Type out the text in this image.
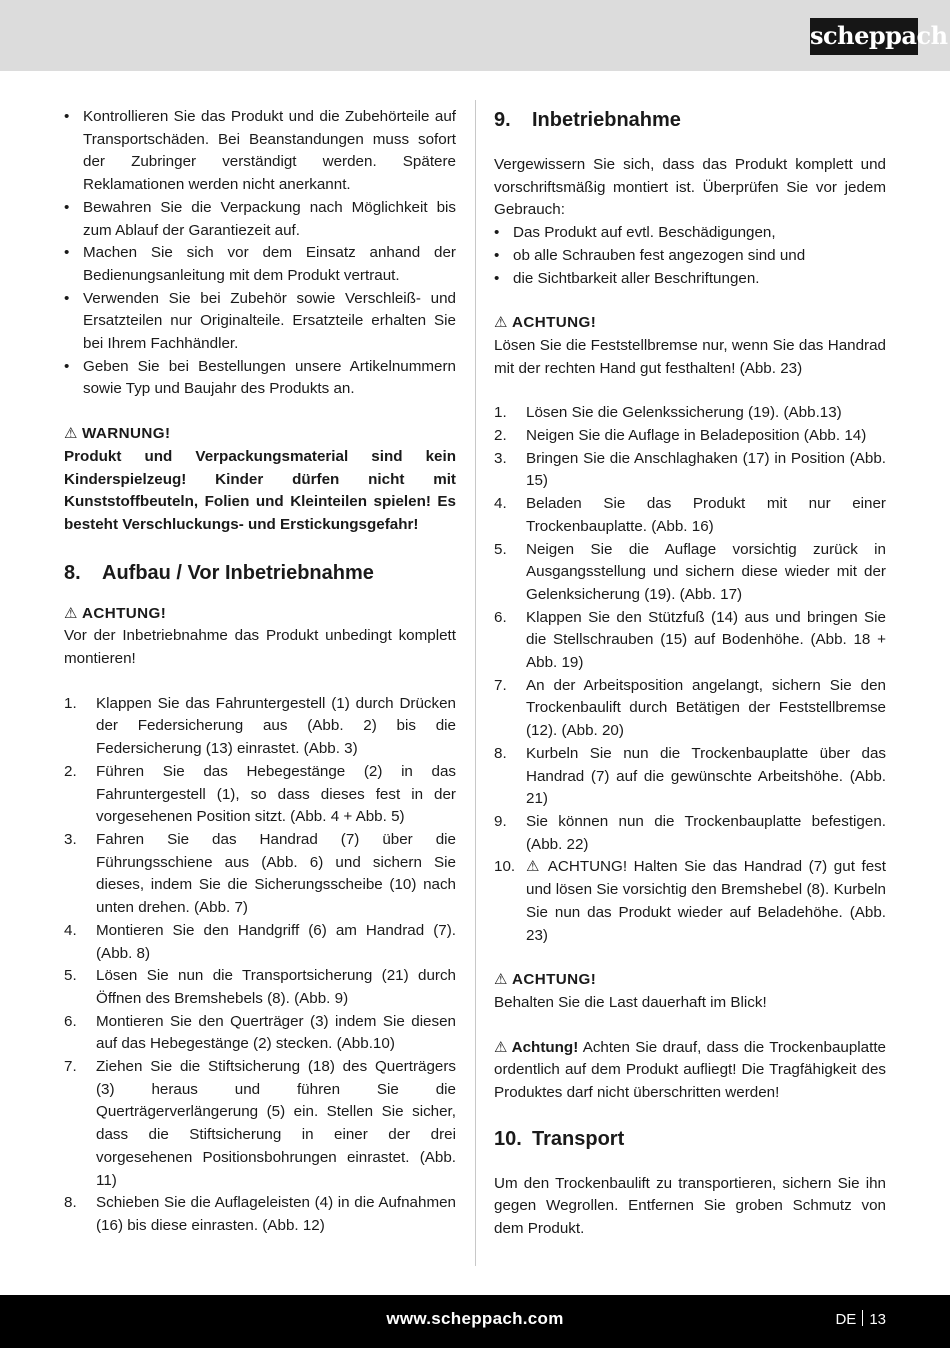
scheppach
• Kontrollieren Sie das Produkt und die Zubehörteile auf Transportschäden. Bei Beanstandungen muss sofort der Zubringer verständigt werden. Spätere Reklamationen werden nicht anerkannt.
• Bewahren Sie die Verpackung nach Möglichkeit bis zum Ablauf der Garantiezeit auf.
• Machen Sie sich vor dem Einsatz anhand der Bedienungsanleitung mit dem Produkt vertraut.
• Verwenden Sie bei Zubehör sowie Verschleiß- und Ersatzteilen nur Originalteile. Ersatzteile erhalten Sie bei Ihrem Fachhändler.
• Geben Sie bei Bestellungen unsere Artikelnummern sowie Typ und Baujahr des Produkts an.
⚠ WARNUNG!

Produkt und Verpackungsmaterial sind kein Kinderspielzeug! Kinder dürfen nicht mit Kunststoffbeuteln, Folien und Kleinteilen spielen! Es besteht Verschluckungs- und Erstickungsgefahr!

8. Aufbau / Vor Inbetriebnahme
⚠ ACHTUNG!

Vor der Inbetriebnahme das Produkt unbedingt komplett montieren!

1. Klappen Sie das Fahruntergestell (1) durch Drücken der Federsicherung aus (Abb. 2) bis die Federsicherung (13) einrastet. (Abb. 3)
2. Führen Sie das Hebegestänge (2) in das Fahruntergestell (1), so dass dieses fest in der vorgesehenen Position sitzt. (Abb. 4 + Abb. 5)
3. Fahren Sie das Handrad (7) über die Führungsschiene aus (Abb. 6) und sichern Sie dieses, indem Sie die Sicherungsscheibe (10) nach unten drehen. (Abb. 7)
4. Montieren Sie den Handgriff (6) am Handrad (7). (Abb. 8)
5. Lösen Sie nun die Transportsicherung (21) durch Öffnen des Bremshebels (8). (Abb. 9)
6. Montieren Sie den Querträger (3) indem Sie diesen auf das Hebegestänge (2) stecken. (Abb.10)
7. Ziehen Sie die Stiftsicherung (18) des Querträgers (3) heraus und führen Sie die Querträgerverlängerung (5) ein. Stellen Sie sicher, dass die Stiftsicherung in einer der drei vorgesehenen Positionsbohrungen einrastet. (Abb. 11)
8. Schieben Sie die Auflageleisten (4) in die Aufnahmen (16) bis diese einrasten. (Abb. 12)
9. Inbetriebnahme

Vergewissern Sie sich, dass das Produkt komplett und vorschriftsmäßig montiert ist. Überprüfen Sie vor jedem Gebrauch:

• Das Produkt auf evtl. Beschädigungen,
• ob alle Schrauben fest angezogen sind und
• die Sichtbarkeit aller Beschriftungen.
⚠ ACHTUNG!

Lösen Sie die Feststellbremse nur, wenn Sie das Handrad mit der rechten Hand gut festhalten! (Abb. 23)

1. Lösen Sie die Gelenkssicherung (19). (Abb.13)
2. Neigen Sie die Auflage in Beladeposition (Abb. 14)
3. Bringen Sie die Anschlaghaken (17) in Position (Abb. 15)
4. Beladen Sie das Produkt mit nur einer Trockenbauplatte. (Abb. 16)
5. Neigen Sie die Auflage vorsichtig zurück in Ausgangsstellung und sichern diese wieder mit der Gelenksicherung (19). (Abb. 17)
6. Klappen Sie den Stützfuß (14) aus und bringen Sie die Stellschrauben (15) auf Bodenhöhe. (Abb. 18 + Abb. 19)
7. An der Arbeitsposition angelangt, sichern Sie den Trockenbaulift durch Betätigen der Feststellbremse (12). (Abb. 20)
8. Kurbeln Sie nun die Trockenbauplatte über das Handrad (7) auf die gewünschte Arbeitshöhe. (Abb. 21)
9. Sie können nun die Trockenbauplatte befestigen. (Abb. 22)
10. ⚠ ACHTUNG! Halten Sie das Handrad (7) gut fest und lösen Sie vorsichtig den Bremshebel (8). Kurbeln Sie nun das Produkt wieder auf Beladehöhe. (Abb. 23)
⚠ ACHTUNG!

Behalten Sie die Last dauerhaft im Blick!

⚠ Achtung! Achten Sie drauf, dass die Trockenbauplatte ordentlich auf dem Produkt aufliegt! Die Tragfähigkeit des Produktes darf nicht überschritten werden!

10. Transport

Um den Trockenbaulift zu transportieren, sichern Sie ihn gegen Wegrollen. Entfernen Sie groben Schmutz von dem Produkt.

www.scheppach.com	DE 13
